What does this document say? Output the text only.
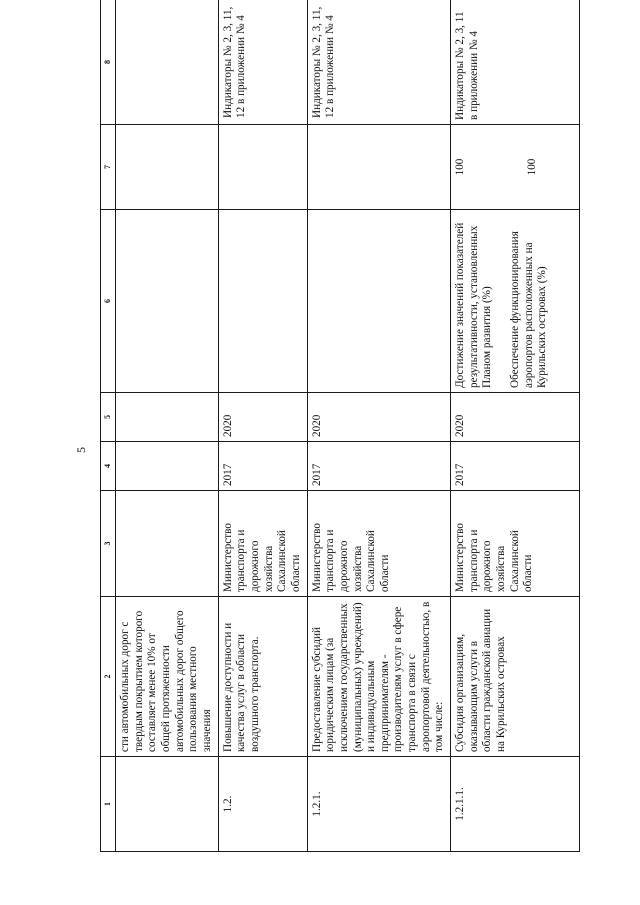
5
1	2	3	4	5	6	7	8
	сти автомобильных дорог с твердым покрытием которого составляет менее 10% от общей протяженности автомобильных дорог общего пользования местного значения						
1.2.	Повышение доступности и качества услуг в области воздушного транспорта.	Министерство транспорта и дорожного хозяйства Сахалинской области	2017	2020			Индикаторы № 2, 3, 11, 12 в приложении № 4
1.2.1.	Предоставление субсидий юридическим лицам (за исключением государственных (муниципальных) учреждений) и индивидуальным предпринимателям - производителям услуг в сфере транспорта в связи с аэропортовой деятельностью, в том числе:	Министерство транспорта и дорожного хозяйства Сахалинской области	2017	2020			Индикаторы № 2, 3, 11, 12 в приложении № 4
1.2.1.1.	Субсидия организациям, оказывающим услуги в области гражданской авиации на Курильских островах	Министерство транспорта и дорожного хозяйства Сахалинской области	2017	2020	Достижение значений показателей результативности, установленных Планом развития (%) Обеспечение функционирования аэропортов расположенных на Курильских островах (%)	100 100	Индикаторы № 2, 3, 11 в приложении № 4
